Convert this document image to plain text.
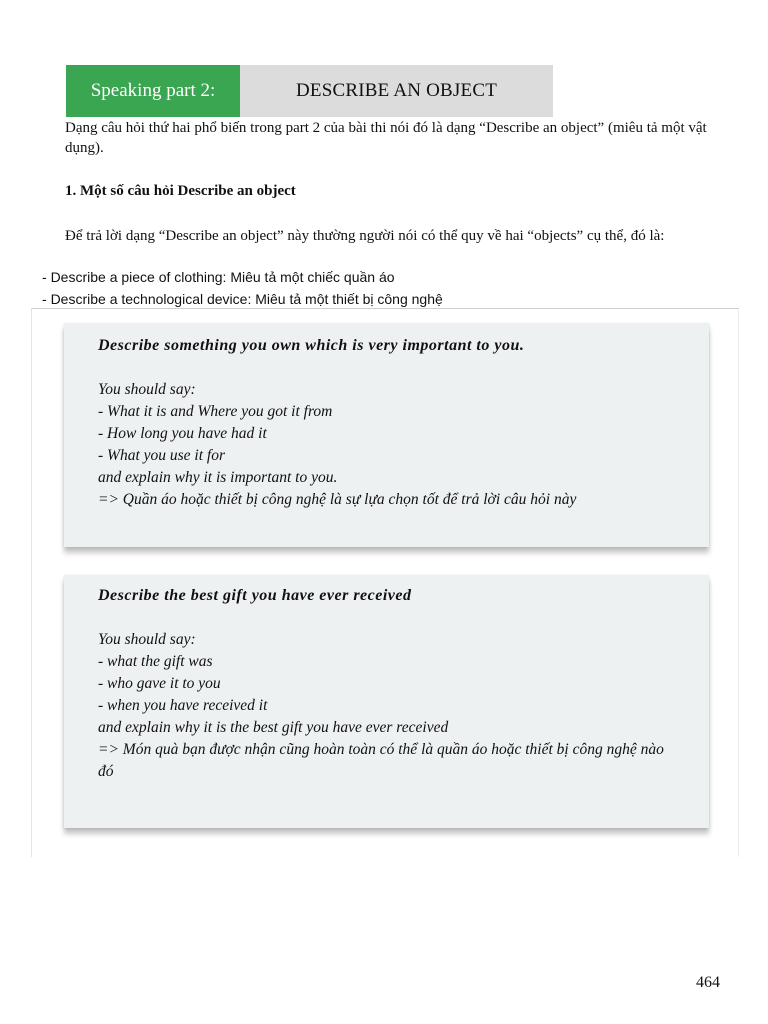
Speaking part 2:	DESCRIBE AN OBJECT
Dạng câu hỏi thứ hai phổ biến trong part 2 của bài thi nói đó là dạng “Describe an object” (miêu tả một vật dụng).
1. Một số câu hỏi Describe an object
Để trả lời dạng “Describe an object” này thường người nói có thể quy về hai “objects” cụ thể, đó là:
- Describe a piece of clothing: Miêu tả một chiếc quần áo
- Describe a technological device: Miêu tả một thiết bị công nghệ
Describe something you own which is very important to you.
You should say:
- What it is and Where you got it from
- How long you have had it
- What you use it for
and explain why it is important to you.
=> Quần áo hoặc thiết bị công nghệ là sự lựa chọn tốt để trả lời câu hỏi này
Describe the best gift you have ever received
You should say:
- what the gift was
- who gave it to you
- when you have received it
and explain why it is the best gift you have ever received
=> Món quà bạn được nhận cũng hoàn toàn có thể là quần áo hoặc thiết bị công nghệ nào đó
464
